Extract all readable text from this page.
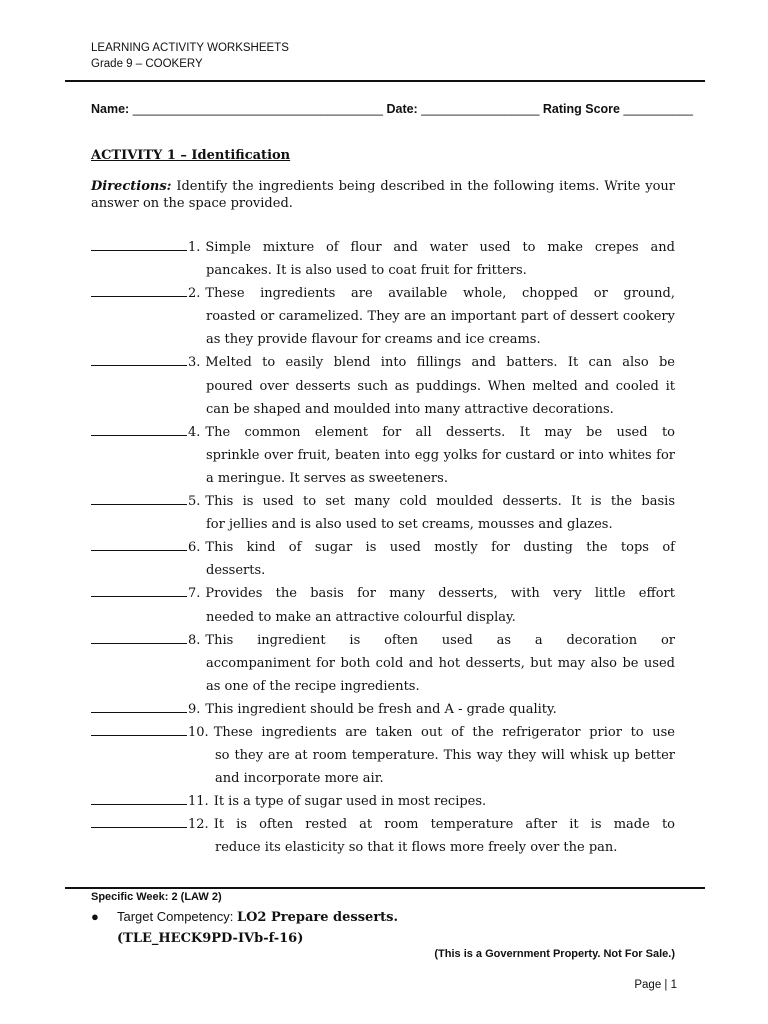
LEARNING ACTIVITY WORKSHEETS
Grade 9 – COOKERY
Name: ____________________________________ Date: _________________ Rating Score __________
ACTIVITY 1 – Identification
Directions: Identify the ingredients being described in the following items. Write your answer on the space provided.
1. Simple mixture of flour and water used to make crepes and
pancakes. It is also used to coat fruit for fritters.
2. These ingredients are available whole, chopped or ground,
roasted or caramelized. They are an important part of dessert cookery as they provide flavour for creams and ice creams.
3. Melted to easily blend into fillings and batters. It can also be
poured over desserts such as puddings. When melted and cooled it can be shaped and moulded into many attractive decorations.
4. The common element for all desserts. It may be used to
sprinkle over fruit, beaten into egg yolks for custard or into whites for a meringue. It serves as sweeteners.
5. This is used to set many cold moulded desserts. It is the basis
for jellies and is also used to set creams, mousses and glazes.
6. This kind of sugar is used mostly for dusting the tops of
desserts.
7. Provides the basis for many desserts, with very little effort
needed to make an attractive colourful display.
8. This ingredient is often used as a decoration or
accompaniment for both cold and hot desserts, but may also be used as one of the recipe ingredients.
9. This ingredient should be fresh and A - grade quality.
10. These ingredients are taken out of the refrigerator prior to use
so they are at room temperature. This way they will whisk up better and incorporate more air.
11. It is a type of sugar used in most recipes.
12. It is often rested at room temperature after it is made to
reduce its elasticity so that it flows more freely over the pan.
Specific Week: 2 (LAW 2)
● Target Competency: LO2 Prepare desserts.
(TLE_HECK9PD-IVb-f-16)
(This is a Government Property. Not For Sale.)
Page | 1
